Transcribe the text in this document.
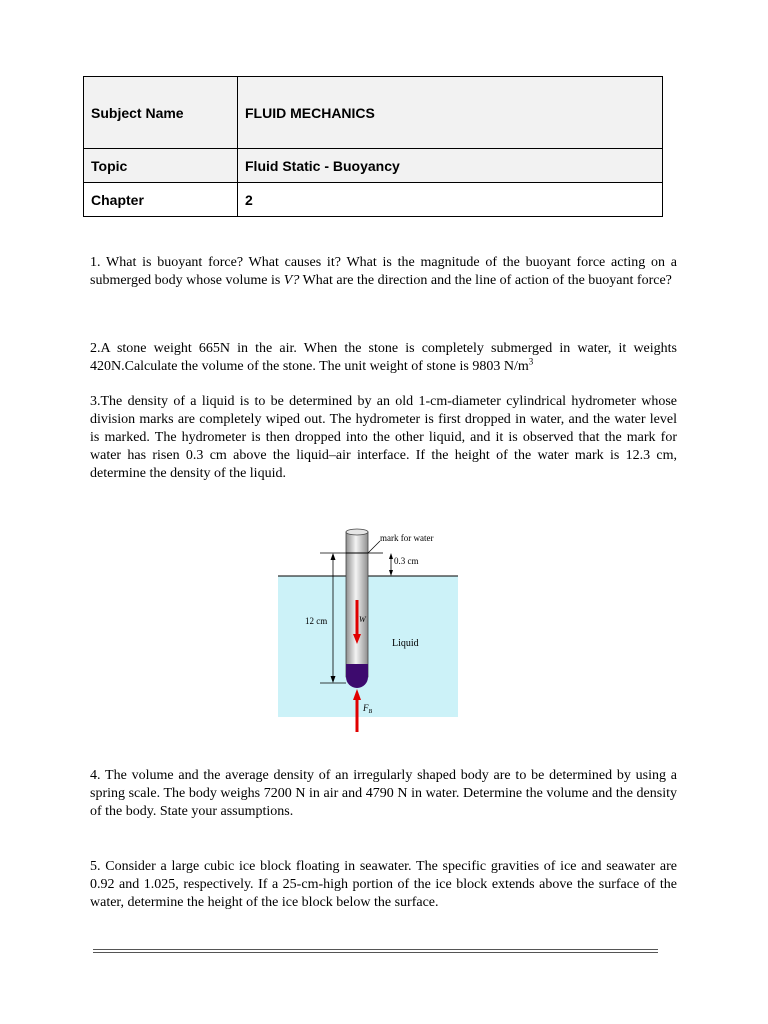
Subject Name	FLUID MECHANICS
Topic	Fluid Static - Buoyancy
Chapter	2

1. What is buoyant force? What causes it? What is the magnitude of the buoyant force acting on a submerged body whose volume is V? What are the direction and the line of action of the buoyant force?

2.A stone weight 665N in the air. When the stone is completely submerged in water, it weights 420N.Calculate the volume of the stone. The unit weight of stone is 9803 $N/m^3$

3.The density of a liquid is to be determined by an old 1-cm-diameter cylindrical hydrometer whose division marks are completely wiped out. The hydrometer is first dropped in water, and the water level is marked. The hydrometer is then dropped into the other liquid, and it is observed that the mark for water has risen 0.3 cm above the liquid–air interface. If the height of the water mark is 12.3 cm, determine the density of the liquid.

mark for water
12 cm
0.3 cm
W
$F_B$
Liquid

4. The volume and the average density of an irregularly shaped body are to be determined by using a spring scale. The body weighs 7200 N in air and 4790 N in water. Determine the volume and the density of the body. State your assumptions.

5. Consider a large cubic ice block floating in seawater. The specific gravities of ice and seawater are 0.92 and 1.025, respectively. If a 25-cm-high portion of the ice block extends above the surface of the water, determine the height of the ice block below the surface.
